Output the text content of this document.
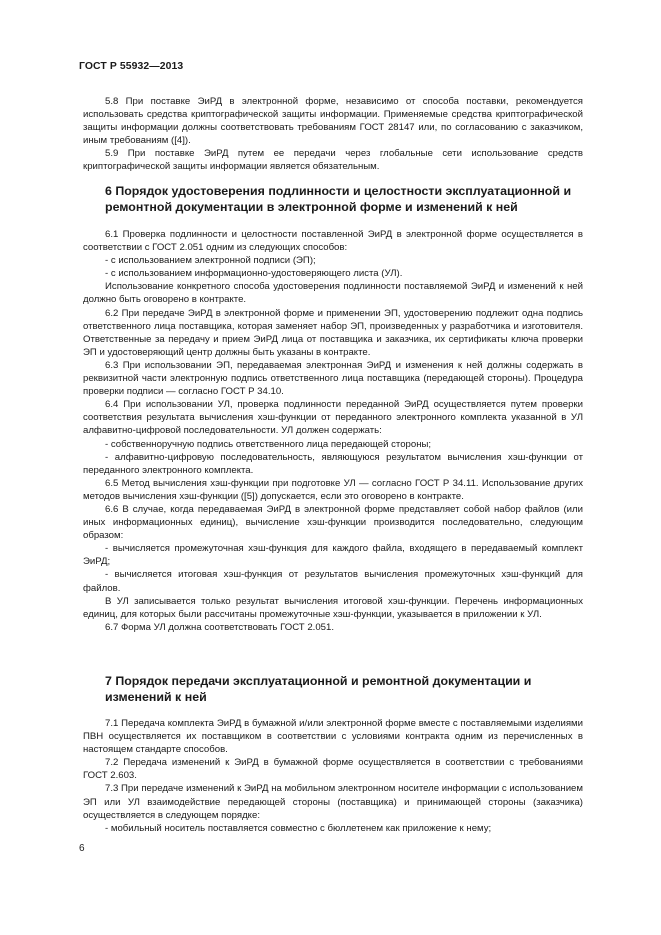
ГОСТ Р 55932—2013

5.8 При поставке ЭиРД в электронной форме, независимо от способа поставки, рекомендуется использовать средства криптографической защиты информации. Применяемые средства криптографической защиты информации должны соответствовать требованиям ГОСТ 28147 или, по согласованию с заказчиком, иным требованиям ([4]).

5.9 При поставке ЭиРД путем ее передачи через глобальные сети использование средств криптографической защиты информации является обязательным.

6 Порядок удостоверения подлинности и целостности эксплуатационной и ремонтной документации в электронной форме и изменений к ней

6.1 Проверка подлинности и целостности поставленной ЭиРД в электронной форме осуществляется в соответствии с ГОСТ 2.051 одним из следующих способов:

- с использованием электронной подписи (ЭП);

- с использованием информационно-удостоверяющего листа (УЛ).

Использование конкретного способа удостоверения подлинности поставляемой ЭиРД и изменений к ней должно быть оговорено в контракте.

6.2 При передаче ЭиРД в электронной форме и применении ЭП, удостоверению подлежит одна подпись ответственного лица поставщика, которая заменяет набор ЭП, произведенных у разработчика и изготовителя. Ответственные за передачу и прием ЭиРД лица от поставщика и заказчика, их сертификаты ключа проверки ЭП и удостоверяющий центр должны быть указаны в контракте.

6.3 При использовании ЭП, передаваемая электронная ЭиРД и изменения к ней должны содержать в реквизитной части электронную подпись ответственного лица поставщика (передающей стороны). Процедура проверки подписи — согласно ГОСТ Р 34.10.

6.4 При использовании УЛ, проверка подлинности переданной ЭиРД осуществляется путем проверки соответствия результата вычисления хэш-функции от переданного электронного комплекта указанной в УЛ алфавитно-цифровой последовательности. УЛ должен содержать:

- собственноручную подпись ответственного лица передающей стороны;

- алфавитно-цифровую последовательность, являющуюся результатом вычисления хэш-функции от переданного электронного комплекта.

6.5 Метод вычисления хэш-функции при подготовке УЛ — согласно ГОСТ Р 34.11. Использование других методов вычисления хэш-функции ([5]) допускается, если это оговорено в контракте.

6.6 В случае, когда передаваемая ЭиРД в электронной форме представляет собой набор файлов (или иных информационных единиц), вычисление хэш-функции производится последовательно, следующим образом:

- вычисляется промежуточная хэш-функция для каждого файла, входящего в передаваемый комплект ЭиРД;

- вычисляется итоговая хэш-функция от результатов вычисления промежуточных хэш-функций для файлов.

В УЛ записывается только результат вычисления итоговой хэш-функции. Перечень информационных единиц, для которых были рассчитаны промежуточные хэш-функции, указывается в приложении к УЛ.

6.7 Форма УЛ должна соответствовать ГОСТ 2.051.

7 Порядок передачи эксплуатационной и ремонтной документации и изменений к ней

7.1 Передача комплекта ЭиРД в бумажной и/или электронной форме вместе с поставляемыми изделиями ПВН осуществляется их поставщиком в соответствии с условиями контракта одним из перечисленных в настоящем стандарте способов.

7.2 Передача изменений к ЭиРД в бумажной форме осуществляется в соответствии с требованиями ГОСТ 2.603.

7.3 При передаче изменений к ЭиРД на мобильном электронном носителе информации с использованием ЭП или УЛ взаимодействие передающей стороны (поставщика) и принимающей стороны (заказчика) осуществляется в следующем порядке:

- мобильный носитель поставляется совместно с бюллетенем как приложение к нему;

6
